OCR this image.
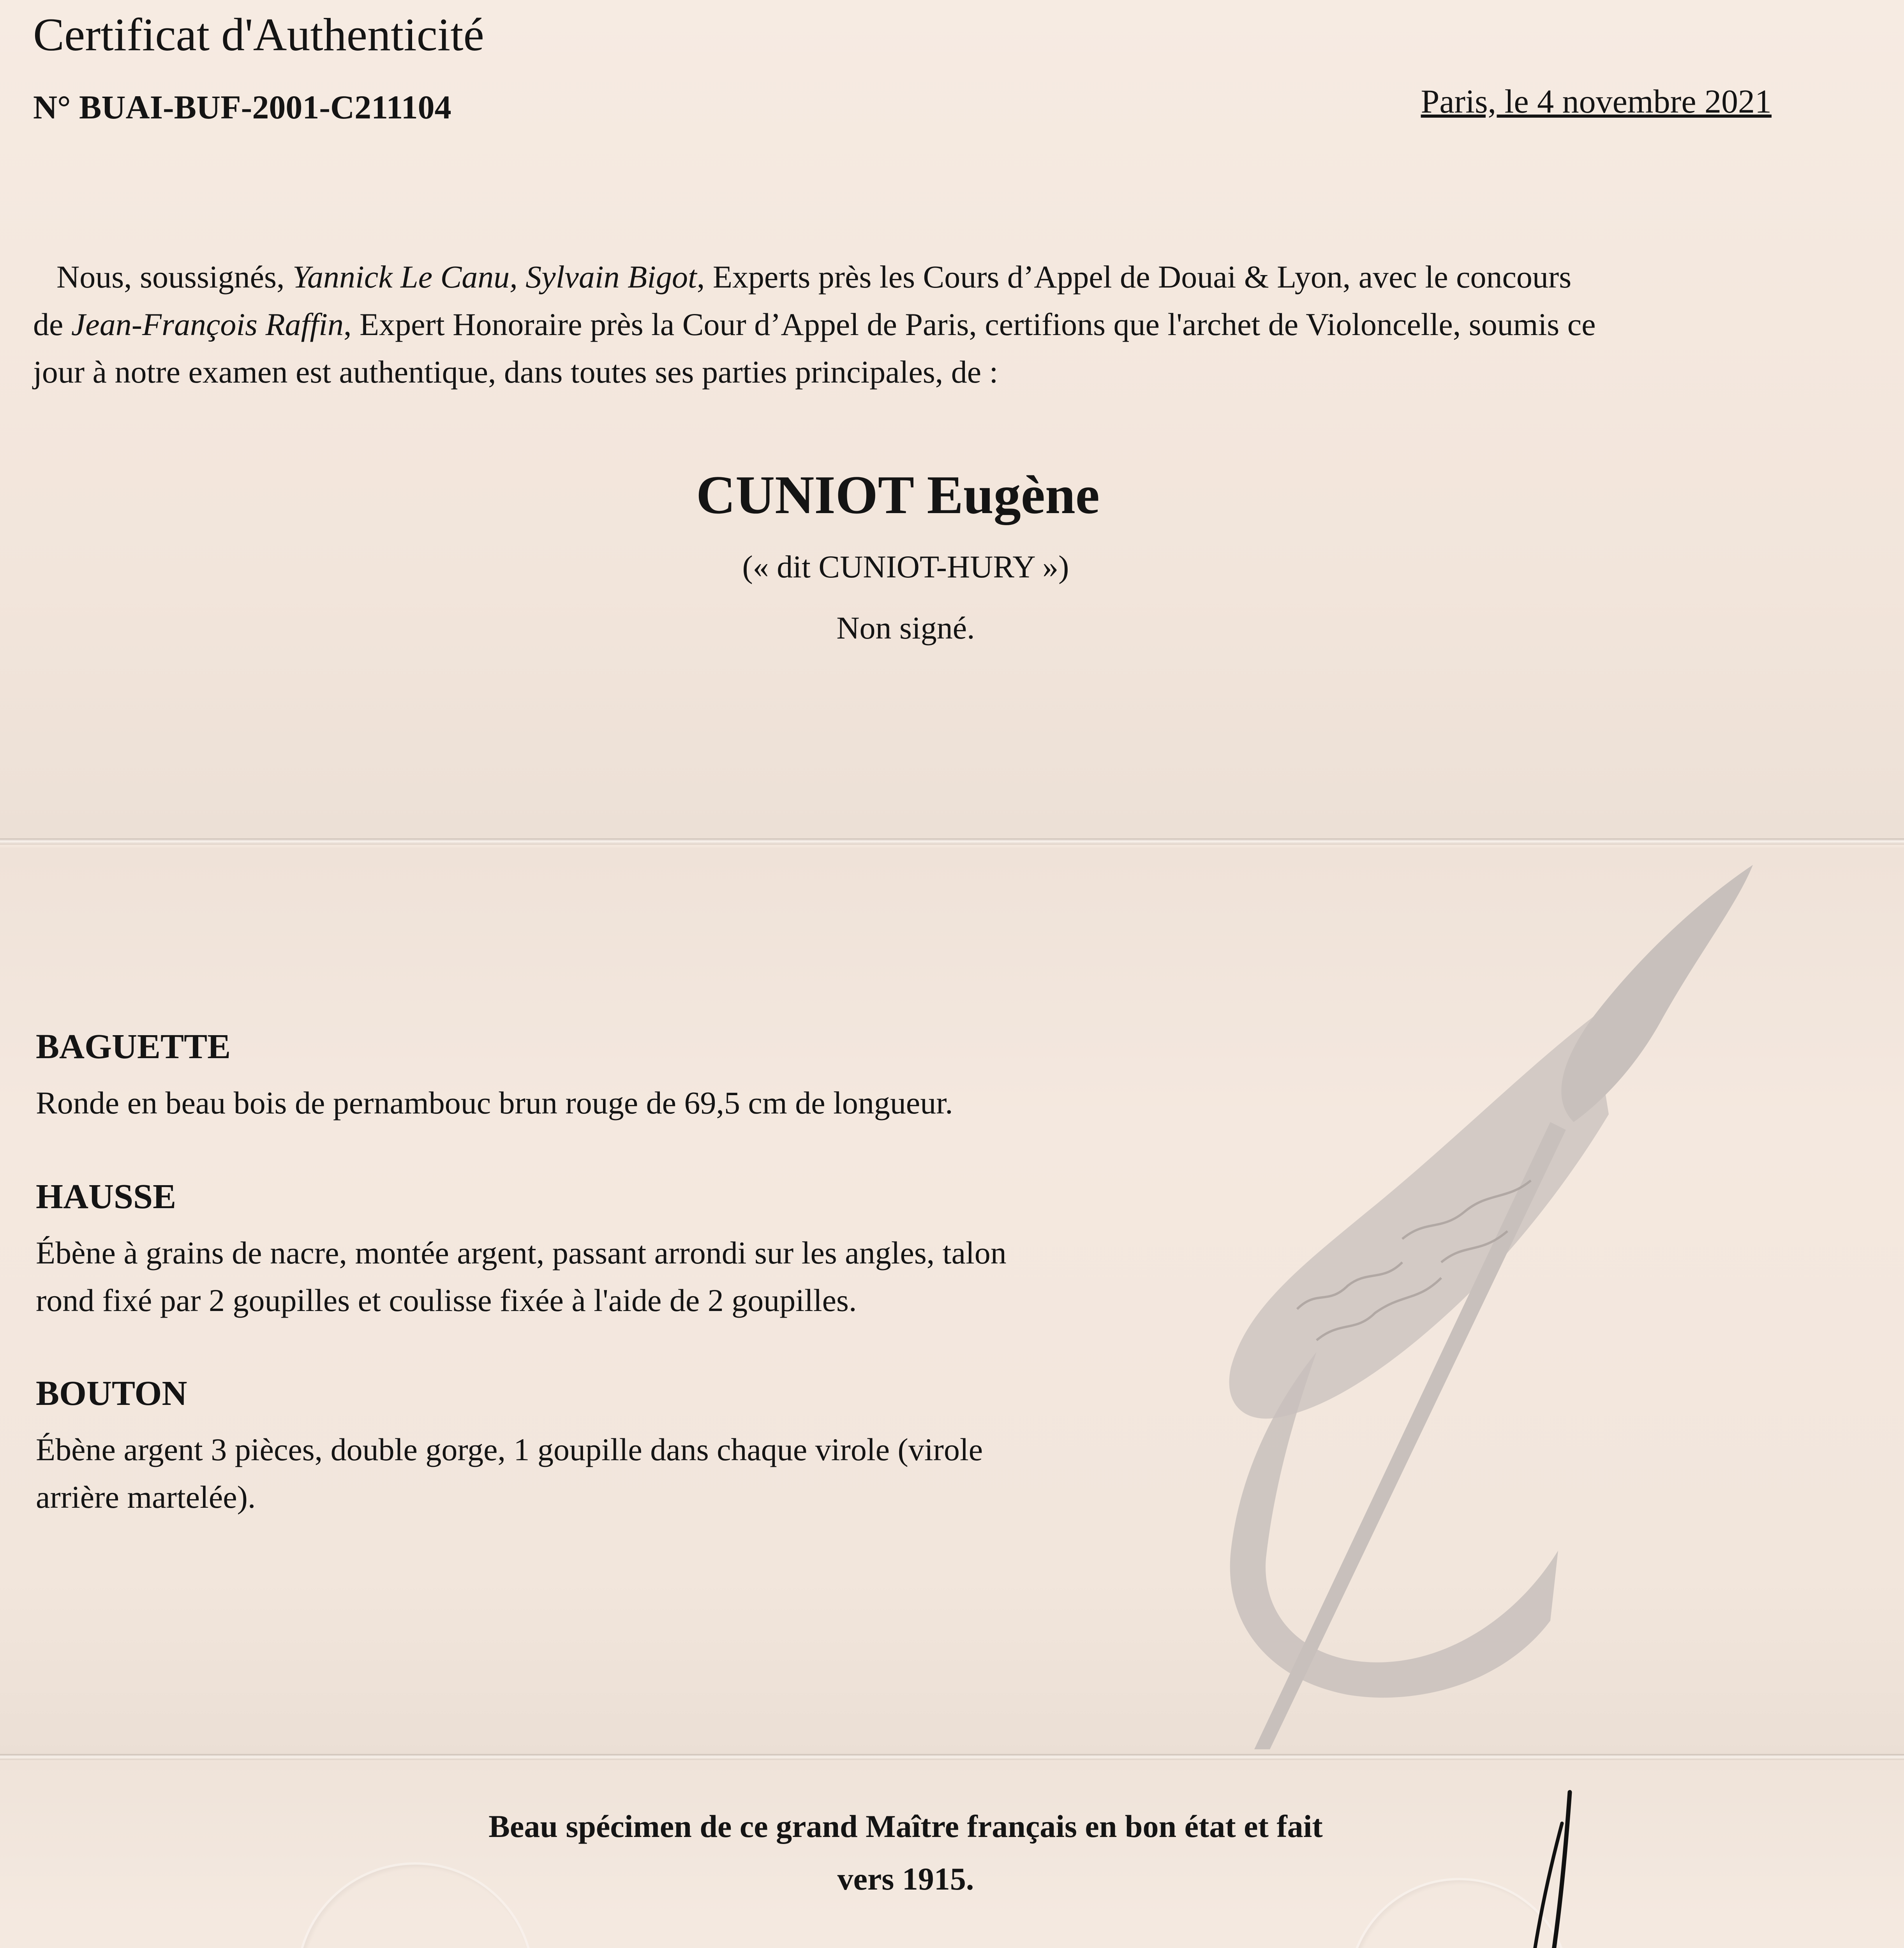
Certificat d'Authenticité
N° BUAI-BUF-2001-C211104	Paris, le 4 novembre 2021
Nous, soussignés, Yannick Le Canu, Sylvain Bigot, Experts près les Cours d’Appel de Douai & Lyon, avec le concours
de Jean-François Raffin, Expert Honoraire près la Cour d’Appel de Paris, certifions que l'archet de Violoncelle, soumis ce
jour à notre examen est authentique, dans toutes ses parties principales, de :
CUNIOT Eugène
(« dit CUNIOT-HURY »)
Non signé.
BAGUETTE
Ronde en beau bois de pernambouc brun rouge de 69,5 cm de longueur.
HAUSSE
Ébène à grains de nacre, montée argent, passant arrondi sur les angles, talon
rond fixé par 2 goupilles et coulisse fixée à l'aide de 2 goupilles.
BOUTON
Ébène argent 3 pièces, double gorge, 1 goupille dans chaque virole (virole
arrière martelée).
Beau spécimen de ce grand Maître français en bon état et fait
vers 1915.
